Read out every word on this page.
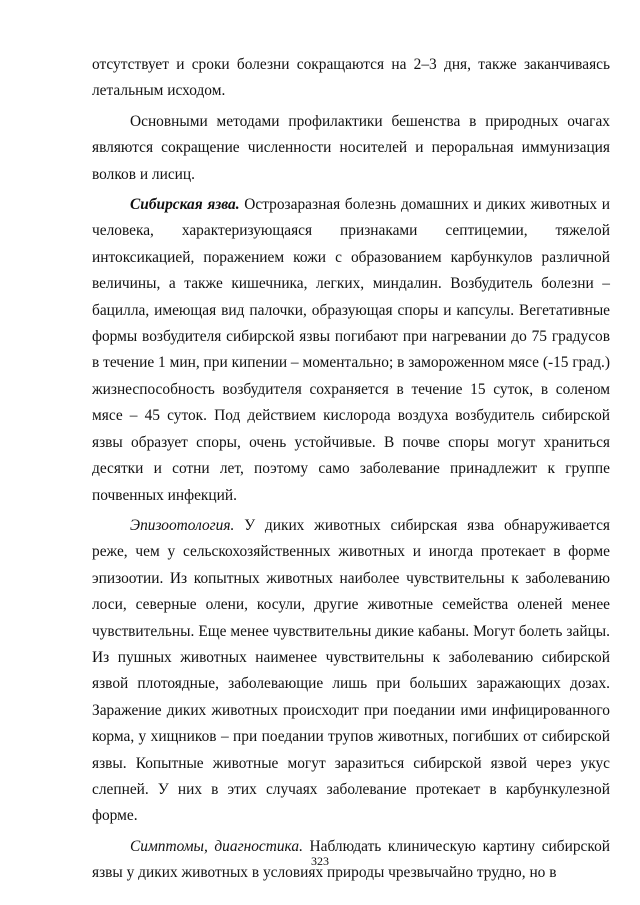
отсутствует и сроки болезни сокращаются на 2–3 дня, также заканчиваясь летальным исходом.

Основными методами профилактики бешенства в природных очагах являются сокращение численности носителей и пероральная иммунизация волков и лисиц.

Сибирская язва. Острозаразная болезнь домашних и диких животных и человека, характеризующаяся признаками септицемии, тяжелой интоксикацией, поражением кожи с образованием карбункулов различной величины, а также кишечника, легких, миндалин. Возбудитель болезни – бацилла, имеющая вид палочки, образующая споры и капсулы. Вегетативные формы возбудителя сибирской язвы погибают при нагревании до 75 градусов в течение 1 мин, при кипении – моментально; в замороженном мясе (-15 град.) жизнеспособность возбудителя сохраняется в течение 15 суток, в соленом мясе – 45 суток. Под действием кислорода воздуха возбудитель сибирской язвы образует споры, очень устойчивые. В почве споры могут храниться десятки и сотни лет, поэтому само заболевание принадлежит к группе почвенных инфекций.

Эпизоотология. У диких животных сибирская язва обнаруживается реже, чем у сельскохозяйственных животных и иногда протекает в форме эпизоотии. Из копытных животных наиболее чувствительны к заболеванию лоси, северные олени, косули, другие животные семейства оленей менее чувствительны. Еще менее чувствительны дикие кабаны. Могут болеть зайцы. Из пушных животных наименее чувствительны к заболеванию сибирской язвой плотоядные, заболевающие лишь при больших заражающих дозах. Заражение диких животных происходит при поедании ими инфицированного корма, у хищников – при поедании трупов животных, погибших от сибирской язвы. Копытные животные могут заразиться сибирской язвой через укус слепней. У них в этих случаях заболевание протекает в карбункулезной форме.

Симптомы, диагностика. Наблюдать клиническую картину сибирской язвы у диких животных в условиях природы чрезвычайно трудно, но в

323
